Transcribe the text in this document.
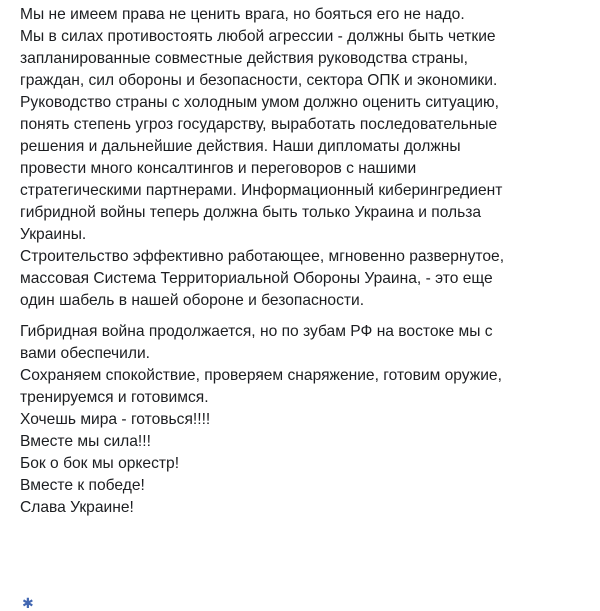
Мы не имеем права не ценить врага, но бояться его не надо.
Мы в силах противостоять любой агрессии - должны быть четкие
запланированные совместные действия руководства страны,
граждан, сил обороны и безопасности, сектора ОПК и экономики.
Руководство страны с холодным умом должно оценить ситуацию,
понять степень угроз государству, выработать последовательные
решения и дальнейшие действия. Наши дипломаты должны
провести много консалтингов и переговоров с нашими
стратегическими партнерами. Информационный кибeрингредиент
гибридной войны теперь должна быть только Украина и польза
Украины.
Строительство эффективно работающее, мгновенно развернутое,
массовая Система Территориальной Обороны Ураина, - это еще
один шабель в нашей обороне и безопасности.

Гибридная война продолжается, но по зубам РФ на востоке мы с
вами обеспечили.
Сохраняем спокойствие, проверяем снаряжение, готовим оружие,
тренируемся и готовимся.
Хочешь мира - готовься!!!!
Вместе мы сила!!!
Бок о бок мы оркестр!
Вместе к победе!
Слава Украине!

✱
